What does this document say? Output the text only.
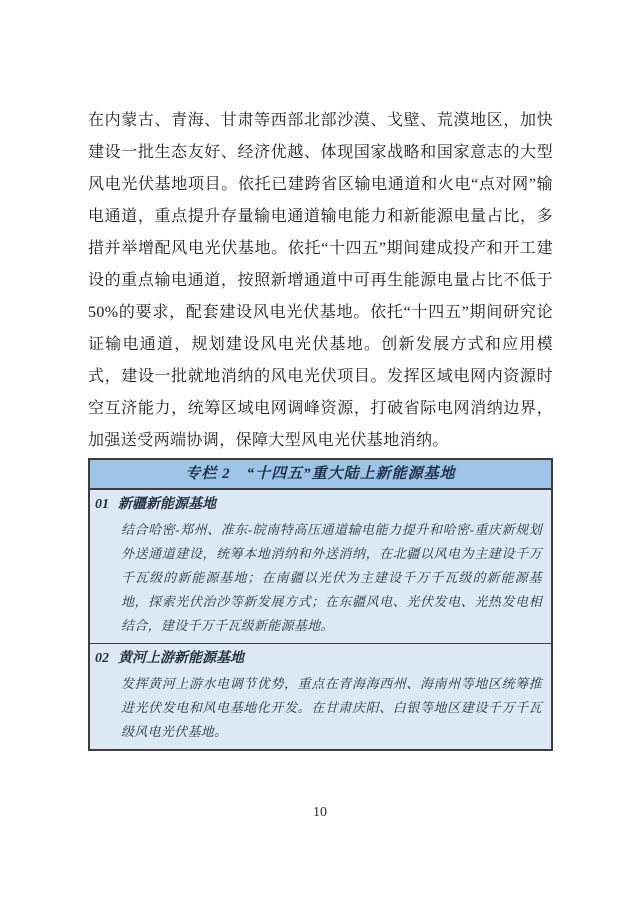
在内蒙古、青海、甘肃等西部北部沙漠、戈壁、荒漠地区，加快建设一批生态友好、经济优越、体现国家战略和国家意志的大型风电光伏基地项目。依托已建跨省区输电通道和火电“点对网”输电通道，重点提升存量输电通道输电能力和新能源电量占比，多措并举增配风电光伏基地。依托“十四五”期间建成投产和开工建设的重点输电通道，按照新增通道中可再生能源电量占比不低于 50%的要求，配套建设风电光伏基地。依托“十四五”期间研究论证输电通道，规划建设风电光伏基地。创新发展方式和应用模式，建设一批就地消纳的风电光伏项目。发挥区域电网内资源时空互济能力，统筹区域电网调峰资源，打破省际电网消纳边界，加强送受两端协调，保障大型风电光伏基地消纳。

专栏 2　“十四五”重大陆上新能源基地
01 新疆新能源基地

结合哈密-郑州、准东-皖南特高压通道输电能力提升和哈密-重庆新规划外送通道建设，统筹本地消纳和外送消纳，在北疆以风电为主建设千万千瓦级的新能源基地；在南疆以光伏为主建设千万千瓦级的新能源基地，探索光伏治沙等新发展方式；在东疆风电、光伏发电、光热发电相结合，建设千万千瓦级新能源基地。

02 黄河上游新能源基地

发挥黄河上游水电调节优势，重点在青海海西州、海南州等地区统筹推进光伏发电和风电基地化开发。在甘肃庆阳、白银等地区建设千万千瓦级风电光伏基地。

10
